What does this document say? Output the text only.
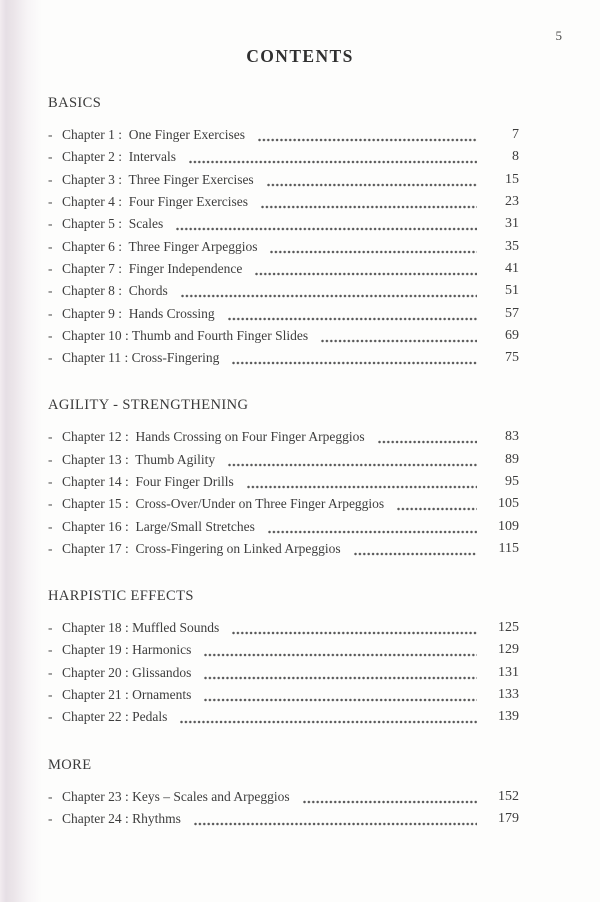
5
CONTENTS
BASICS
- Chapter 1 :  One Finger Exercises	7
- Chapter 2 :  Intervals	8
- Chapter 3 :  Three Finger Exercises	15
- Chapter 4 :  Four Finger Exercises	23
- Chapter 5 :  Scales	31
- Chapter 6 :  Three Finger Arpeggios	35
- Chapter 7 :  Finger Independence	41
- Chapter 8 :  Chords	51
- Chapter 9 :  Hands Crossing	57
- Chapter 10 : Thumb and Fourth Finger Slides	69
- Chapter 11 : Cross-Fingering	75
AGILITY - STRENGTHENING
- Chapter 12 :  Hands Crossing on Four Finger Arpeggios	83
- Chapter 13 :  Thumb Agility	89
- Chapter 14 :  Four Finger Drills	95
- Chapter 15 :  Cross-Over/Under on Three Finger Arpeggios	105
- Chapter 16 :  Large/Small Stretches	109
- Chapter 17 :  Cross-Fingering on Linked Arpeggios	115
HARPISTIC EFFECTS
- Chapter 18 : Muffled Sounds	125
- Chapter 19 : Harmonics	129
- Chapter 20 : Glissandos	131
- Chapter 21 : Ornaments	133
- Chapter 22 : Pedals	139
MORE
- Chapter 23 : Keys – Scales and Arpeggios	152
- Chapter 24 : Rhythms	179
